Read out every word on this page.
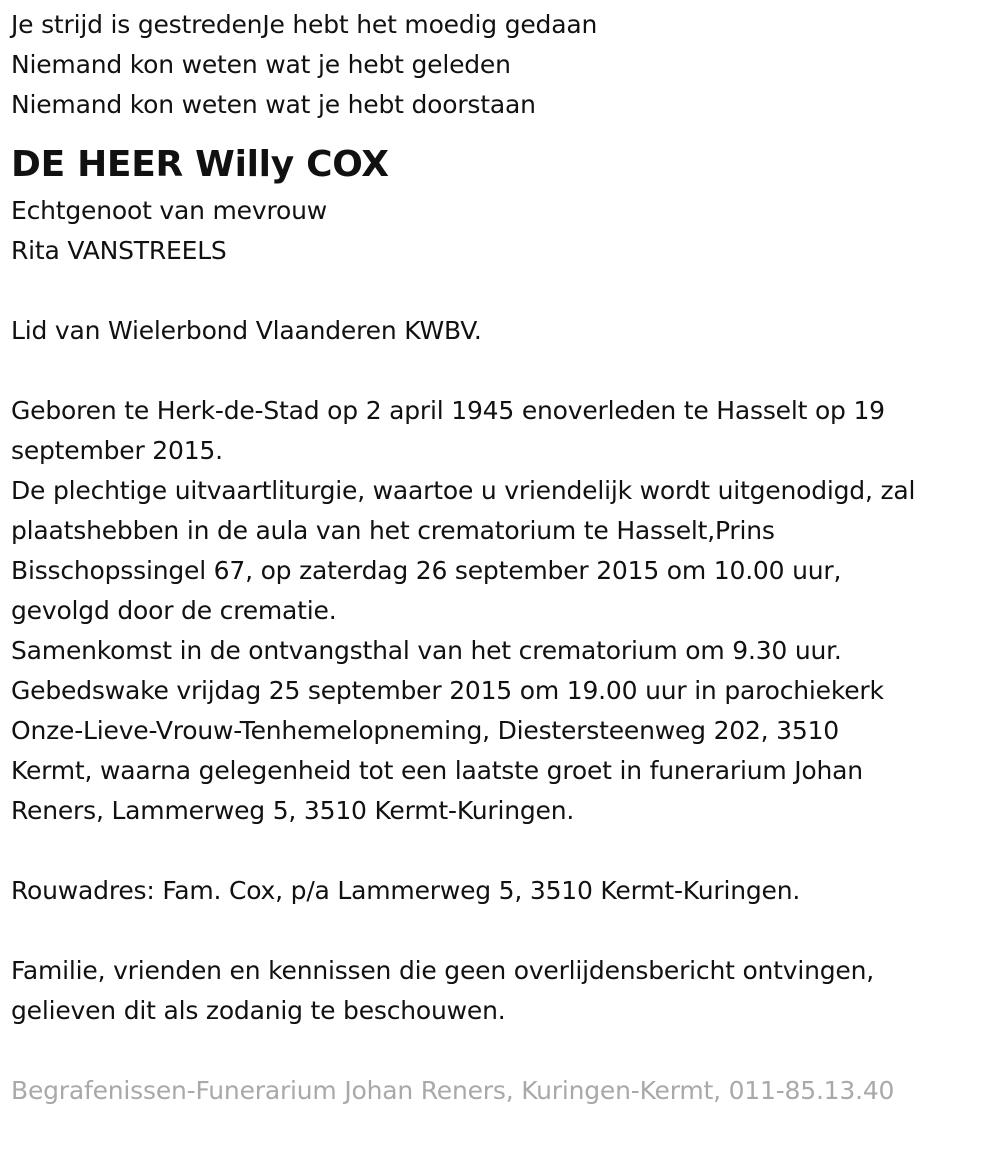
Je strijd is gestredenJe hebt het moedig gedaan
Niemand kon weten wat je hebt geleden
Niemand kon weten wat je hebt doorstaan
DE HEER Willy COX
Echtgenoot van mevrouw
Rita VANSTREELS
Lid van Wielerbond Vlaanderen KWBV.
Geboren te Herk-de-Stad op 2 april 1945 enoverleden te Hasselt op 19
september 2015.
De plechtige uitvaartliturgie, waartoe u vriendelijk wordt uitgenodigd, zal
plaatshebben in de aula van het crematorium te Hasselt,Prins
Bisschopssingel 67, op zaterdag 26 september 2015 om 10.00 uur,
gevolgd door de crematie.
Samenkomst in de ontvangsthal van het crematorium om 9.30 uur.
Gebedswake vrijdag 25 september 2015 om 19.00 uur in parochiekerk
Onze-Lieve-Vrouw-Tenhemelopneming, Diestersteenweg 202, 3510
Kermt, waarna gelegenheid tot een laatste groet in funerarium Johan
Reners, Lammerweg 5, 3510 Kermt-Kuringen.
Rouwadres: Fam. Cox, p/a Lammerweg 5, 3510 Kermt-Kuringen.
Familie, vrienden en kennissen die geen overlijdensbericht ontvingen,
gelieven dit als zodanig te beschouwen.
Begrafenissen-Funerarium Johan Reners, Kuringen-Kermt, 011-85.13.40
